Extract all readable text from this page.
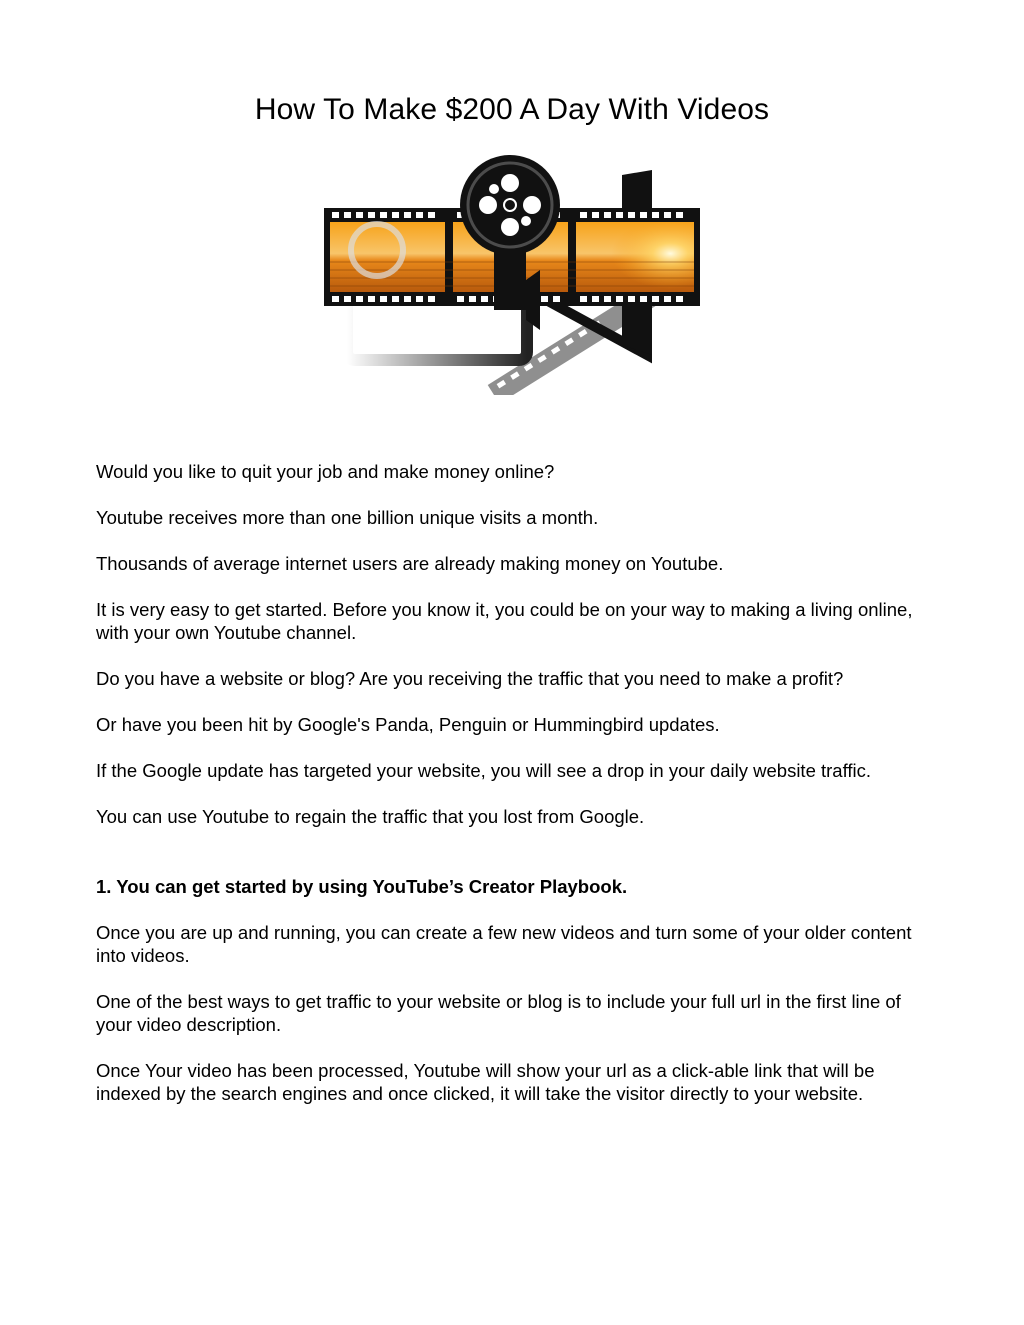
How To Make $200 A Day With Videos

Would you like to quit your job and make money online?

Youtube receives more than one billion unique visits a month.

Thousands of average internet users are already making money on Youtube.

It is very easy to get started. Before you know it, you could be on your way to making a living online, with your own Youtube channel.

Do you have a website or blog? Are you receiving the traffic that you need to make a profit?

Or have you been hit by Google's Panda, Penguin or Hummingbird updates.

If the Google update has targeted your website, you will see a drop in your daily website traffic.

You can use Youtube to regain the traffic that you lost from Google.

1. You can get started by using YouTube’s Creator Playbook.

Once you are up and running, you can create a few new videos and turn some of your older content into videos.

One of the best ways to get traffic to your website or blog is to include your full url in the first line of your video description.

Once Your video has been processed, Youtube will show your url as a click-able link that will be indexed by the search engines and once clicked, it will take the visitor directly to your website.
